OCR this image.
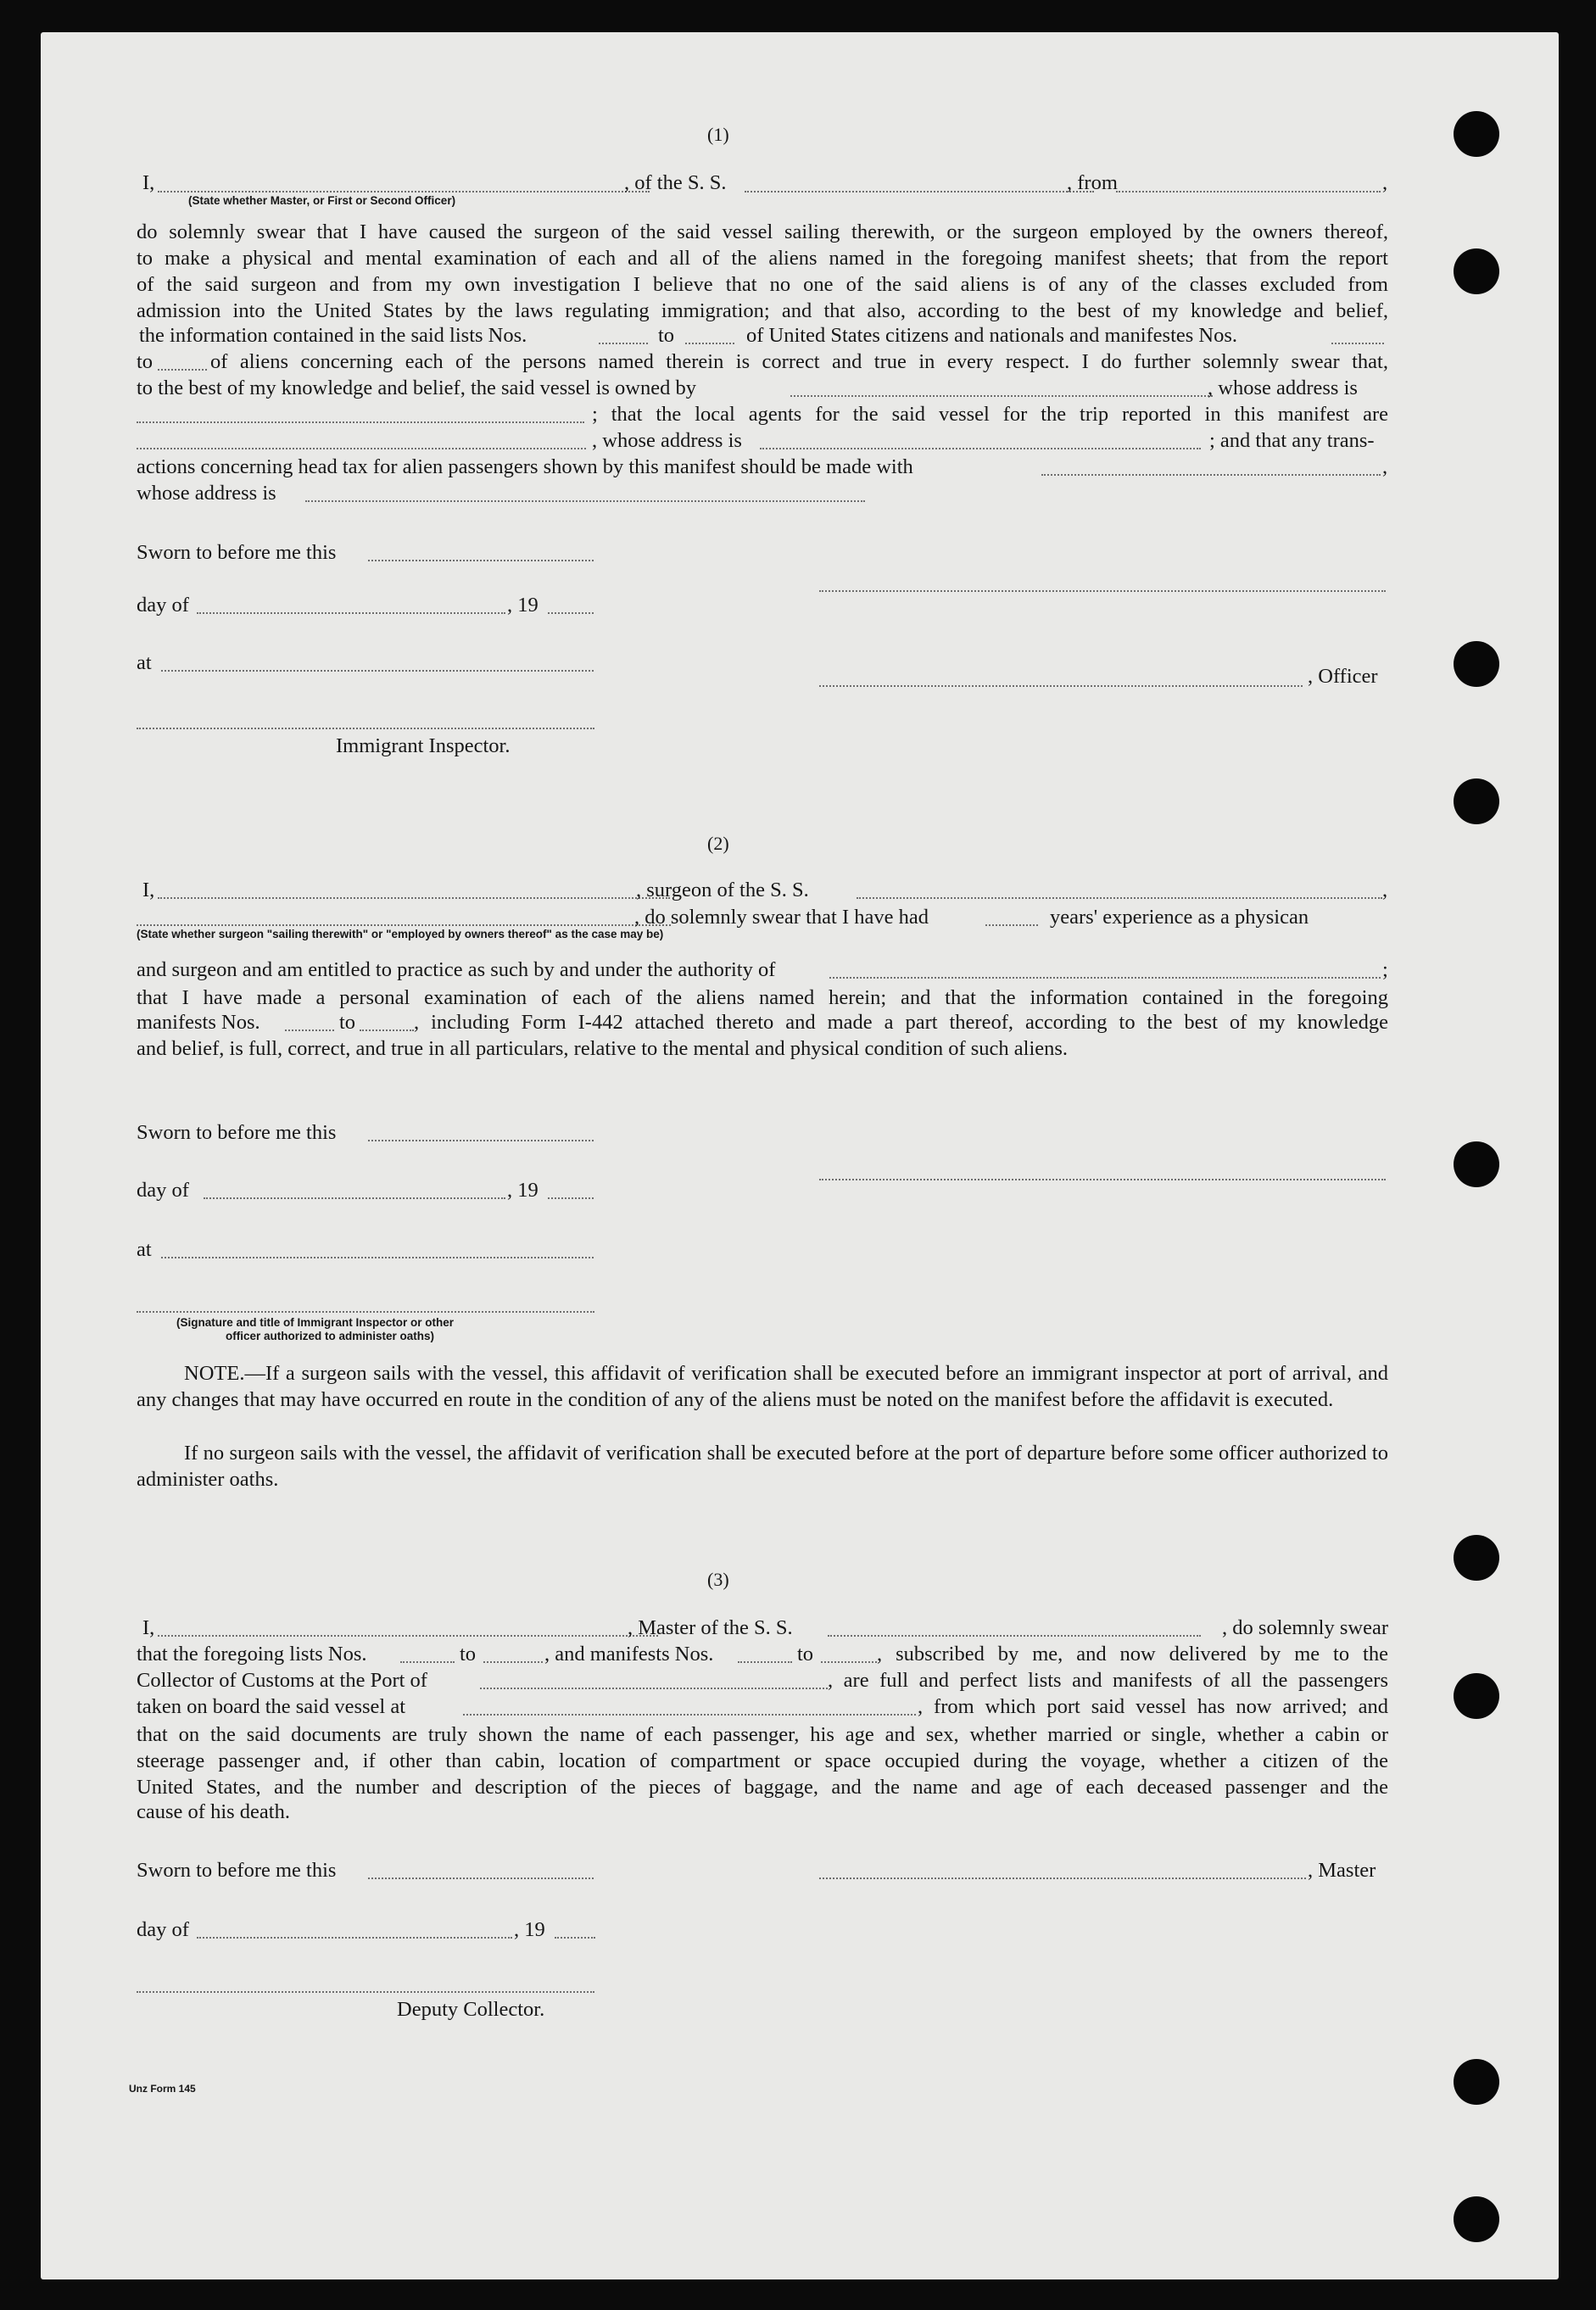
(1)
I,	, of the S. S.	, from	,
(State whether Master, or First or Second Officer)
do solemnly swear that I have caused the surgeon of the said vessel sailing therewith, or the surgeon employed by the owners thereof,
to make a physical and mental examination of each and all of the aliens named in the foregoing manifest sheets; that from the report
of the said surgeon and from my own investigation I believe that no one of the said aliens is of any of the classes excluded from
admission into the United States by the laws regulating immigration; and that also, according to the best of my knowledge and belief,
the information contained in the said lists Nos.	to	of United States citizens and nationals and manifestes Nos.
to	of aliens concerning each of the persons named therein is correct and true in every respect. I do further solemnly swear that,
to the best of my knowledge and belief, the said vessel is owned by	, whose address is
; that the local agents for the said vessel for the trip reported in this manifest are
, whose address is	; and that any trans-
actions concerning head tax for alien passengers shown by this manifest should be made with	,
whose address is
Sworn to before me this
day of	, 19
at
, Officer
Immigrant Inspector.
(2)
I,	, surgeon of the S. S.	,
, do solemnly swear that I have had	years' experience as a physican
(State whether surgeon "sailing therewith" or "employed by owners thereof" as the case may be)
and surgeon and am entitled to practice as such by and under the authority of	;
that I have made a personal examination of each of the aliens named herein; and that the information contained in the foregoing
manifests Nos.	to	, including Form I-442 attached thereto and made a part thereof, according to the best of my knowledge
and belief, is full, correct, and true in all particulars, relative to the mental and physical condition of such aliens.
Sworn to before me this
day of	, 19
at
(Signature and title of Immigrant Inspector or other
officer authorized to administer oaths)
NOTE.—If a surgeon sails with the vessel, this affidavit of verification shall be executed before an immigrant inspector at port of arrival, and any changes that may have occurred en route in the condition of any of the aliens must be noted on the manifest before the affidavit is executed.
If no surgeon sails with the vessel, the affidavit of verification shall be executed before at the port of departure before some officer authorized to administer oaths.
(3)
I,	, Master of the S. S.	, do solemnly swear
that the foregoing lists Nos.	to	, and manifests Nos.	to	, subscribed by me, and now delivered by me to the
Collector of Customs at the Port of	, are full and perfect lists and manifests of all the passengers
taken on board the said vessel at	, from which port said vessel has now arrived; and
that on the said documents are truly shown the name of each passenger, his age and sex, whether married or single, whether a cabin or
steerage passenger and, if other than cabin, location of compartment or space occupied during the voyage, whether a citizen of the
United States, and the number and description of the pieces of baggage, and the name and age of each deceased passenger and the
cause of his death.
Sworn to before me this	, Master
day of	, 19
Deputy Collector.
Unz Form 145
